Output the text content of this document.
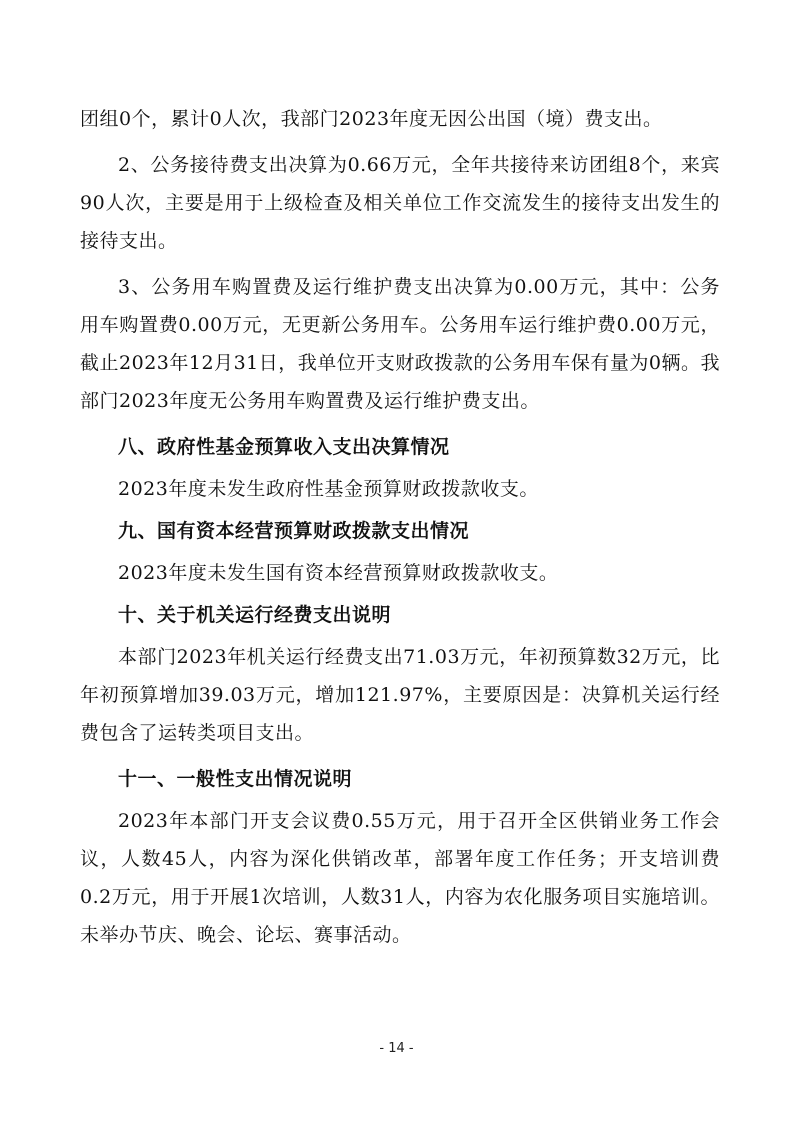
团组0个，累计0人次，我部门2023年度无因公出国（境）费支出。

2、公务接待费支出决算为0.66万元，全年共接待来访团组8个，来宾90人次，主要是用于上级检查及相关单位工作交流发生的接待支出发生的接待支出。

3、公务用车购置费及运行维护费支出决算为0.00万元，其中：公务用车购置费0.00万元，无更新公务用车。公务用车运行维护费0.00万元，截止2023年12月31日，我单位开支财政拨款的公务用车保有量为0辆。我部门2023年度无公务用车购置费及运行维护费支出。

八、政府性基金预算收入支出决算情况

2023年度未发生政府性基金预算财政拨款收支。

九、国有资本经营预算财政拨款支出情况

2023年度未发生国有资本经营预算财政拨款收支。

十、关于机关运行经费支出说明

本部门2023年机关运行经费支出71.03万元，年初预算数32万元，比年初预算增加39.03万元，增加121.97%，主要原因是：决算机关运行经费包含了运转类项目支出。

十一、一般性支出情况说明

2023年本部门开支会议费0.55万元，用于召开全区供销业务工作会议，人数45人，内容为深化供销改革，部署年度工作任务；开支培训费0.2万元，用于开展1次培训，人数31人，内容为农化服务项目实施培训。未举办节庆、晚会、论坛、赛事活动。

- 14 -
